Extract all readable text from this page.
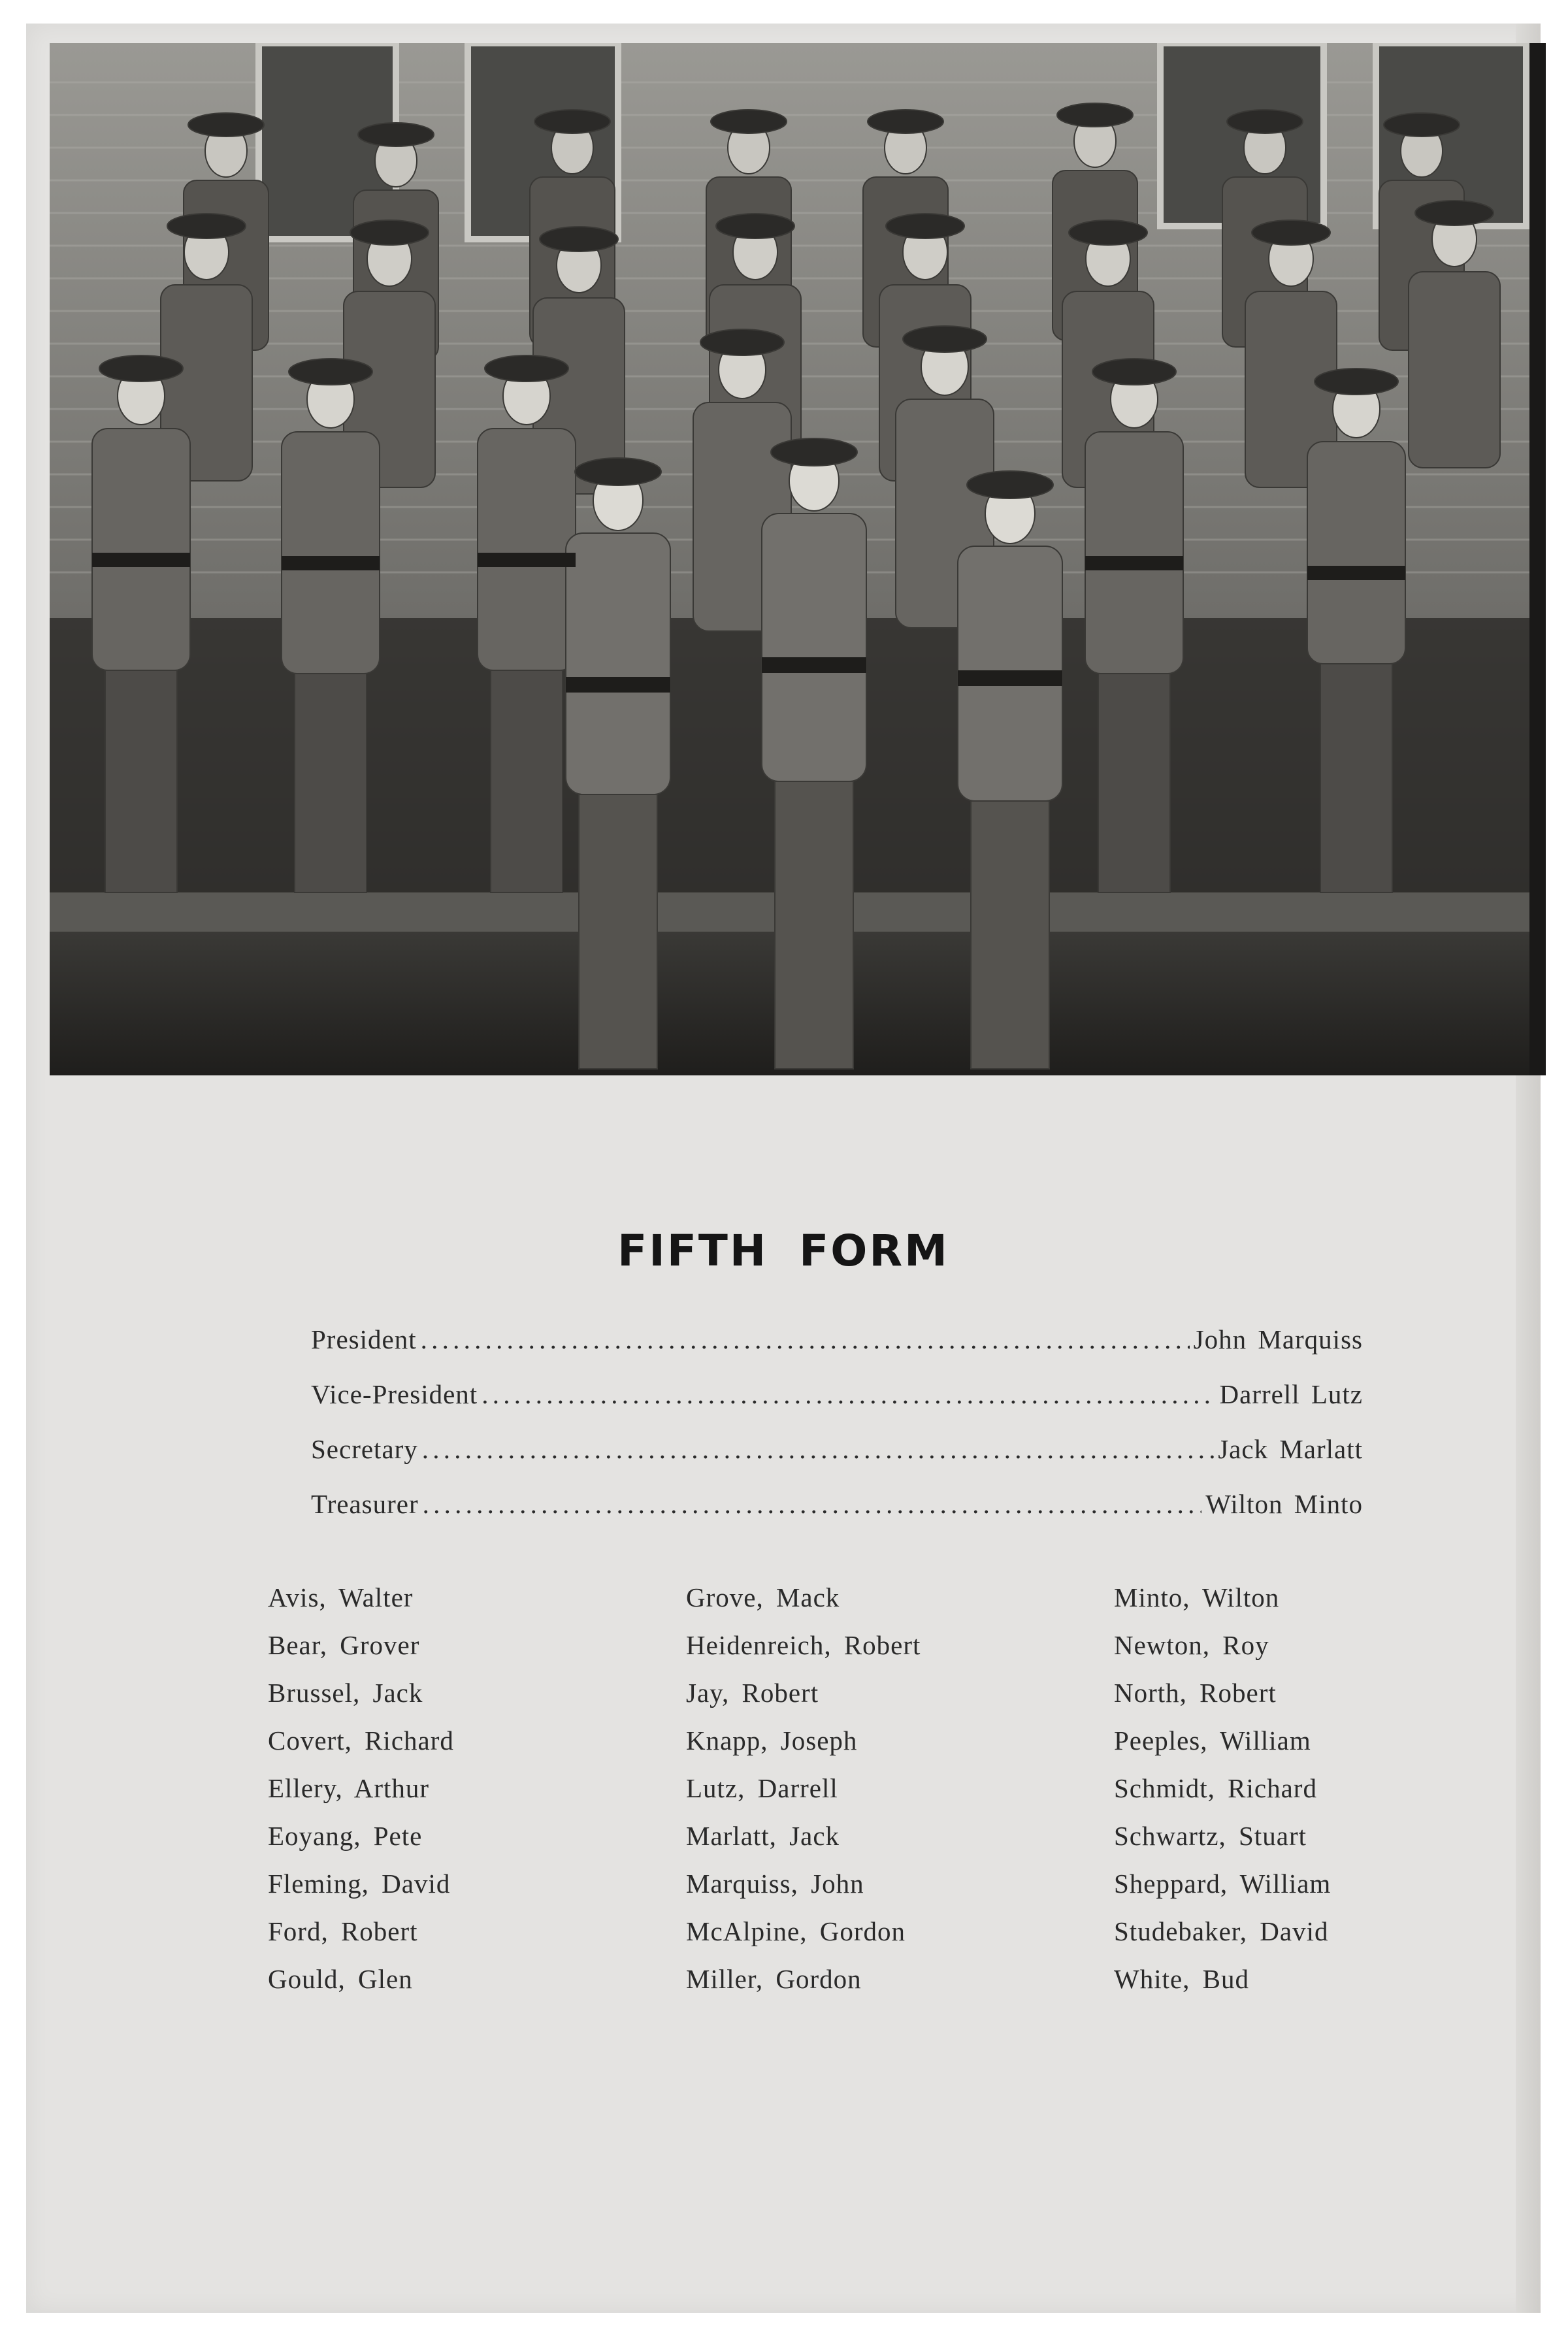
FIFTH FORM
President . . .	John Marquiss
Vice-President . . .	Darrell Lutz
Secretary . . .	Jack Marlatt
Treasurer . . .	Wilton Minto
Avis, Walter
Bear, Grover
Brussel, Jack
Covert, Richard
Ellery, Arthur
Eoyang, Pete
Fleming, David
Ford, Robert
Gould, Glen
Grove, Mack
Heidenreich, Robert
Jay, Robert
Knapp, Joseph
Lutz, Darrell
Marlatt, Jack
Marquiss, John
McAlpine, Gordon
Miller, Gordon
Minto, Wilton
Newton, Roy
North, Robert
Peeples, William
Schmidt, Richard
Schwartz, Stuart
Sheppard, William
Studebaker, David
White, Bud
